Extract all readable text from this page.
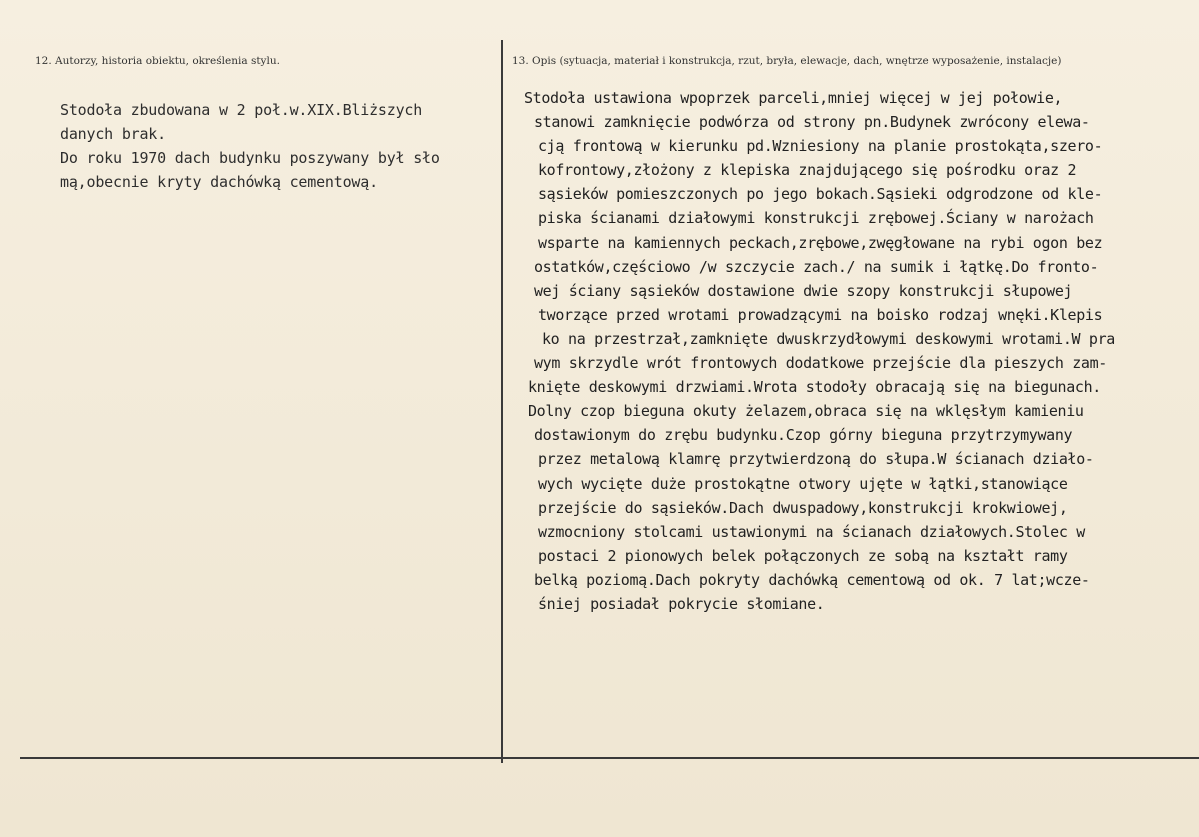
12. Autorzy, historia obiektu, określenia stylu.	13. Opis (sytuacja, materiał i konstrukcja, rzut, bryła, elewacje, dach, wnętrze wyposażenie, instalacje)
Stodoła zbudowana w 2 poł.w.XIX.Bliższych
danych brak.
Do roku 1970 dach budynku poszywany był sło
mą,obecnie kryty dachówką cementową.
Stodoła ustawiona wpoprzek parceli,mniej więcej w jej połowie,
stanowi zamknięcie podwórza od strony pn.Budynek zwrócony elewa-
cją frontową w kierunku pd.Wzniesiony na planie prostokąta,szero-
kofrontowy,złożony z klepiska znajdującego się pośrodku oraz 2
sąsieków pomieszczonych po jego bokach.Sąsieki odgrodzone od kle-
piska ścianami działowymi konstrukcji zrębowej.Ściany w narożach
wsparte na kamiennych peckach,zrębowe,zwęgłowane na rybi ogon bez
ostatków,częściowo /w szczycie zach./ na sumik i łątkę.Do fronto-
wej ściany sąsieków dostawione dwie szopy konstrukcji słupowej
tworzące przed wrotami prowadzącymi na boisko rodzaj wnęki.Klepis
ko na przestrzał,zamknięte dwuskrzydłowymi deskowymi wrotami.W pra
wym skrzydle wrót frontowych dodatkowe przejście dla pieszych zam-
knięte deskowymi drzwiami.Wrota stodoły obracają się na biegunach.
Dolny czop bieguna okuty żelazem,obraca się na wklęsłym kamieniu
dostawionym do zrębu budynku.Czop górny bieguna przytrzymywany
przez metalową klamrę przytwierdzoną do słupa.W ścianach działo-
wych wycięte duże prostokątne otwory ujęte w łątki,stanowiące
przejście do sąsieków.Dach dwuspadowy,konstrukcji krokwiowej,
wzmocniony stolcami ustawionymi na ścianach działowych.Stolec w
postaci 2 pionowych belek połączonych ze sobą na kształt ramy
belką poziomą.Dach pokryty dachówką cementową od ok. 7 lat;wcze-
śniej posiadał pokrycie słomiane.
